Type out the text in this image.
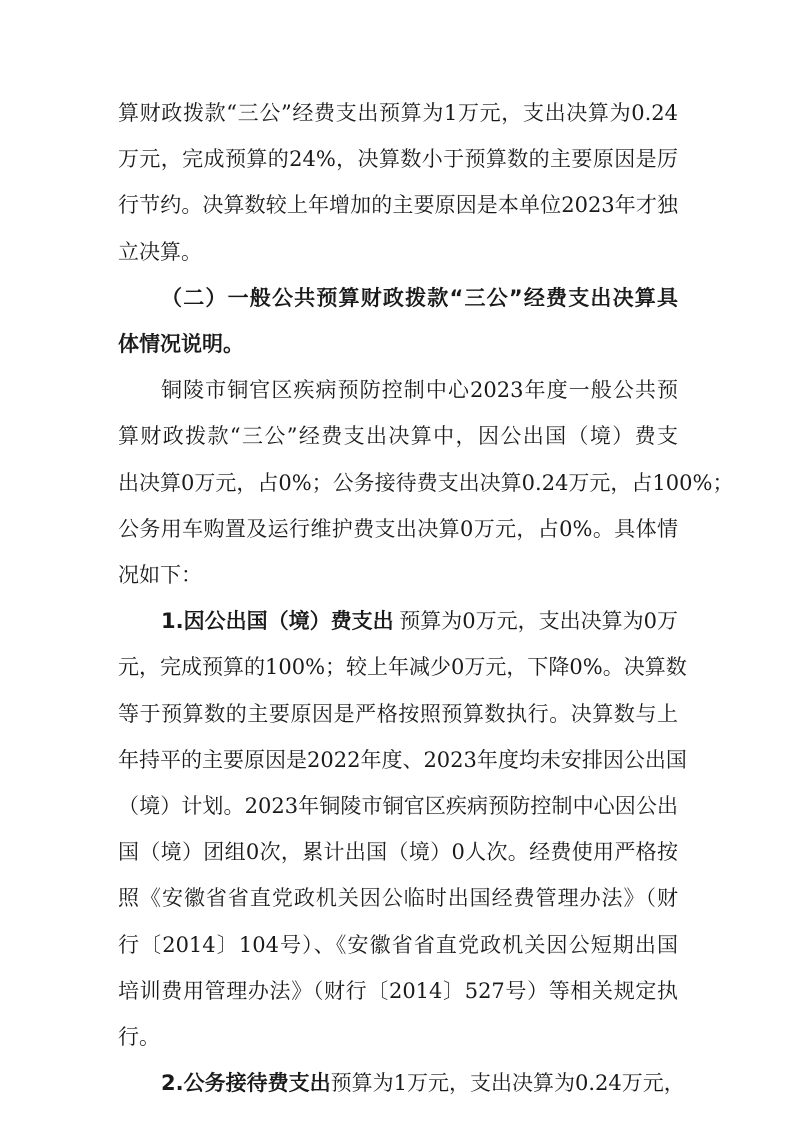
算财政拨款“三公”经费支出预算为1万元，支出决算为0.24
万元，完成预算的24%，决算数小于预算数的主要原因是厉
行节约。决算数较上年增加的主要原因是本单位2023年才独
立决算。
（二）一般公共预算财政拨款“三公”经费支出决算具
体情况说明。
铜陵市铜官区疾病预防控制中心2023年度一般公共预
算财政拨款“三公”经费支出决算中，因公出国（境）费支
出决算0万元，占0%；公务接待费支出决算0.24万元，占100%；
公务用车购置及运行维护费支出决算0万元，占0%。具体情
况如下：
1.因公出国（境）费支出 预算为0万元，支出决算为0万
元，完成预算的100%；较上年减少0万元，下降0%。决算数
等于预算数的主要原因是严格按照预算数执行。决算数与上
年持平的主要原因是2022年度、2023年度均未安排因公出国
（境）计划。2023年铜陵市铜官区疾病预防控制中心因公出
国（境）团组0次，累计出国（境）0人次。经费使用严格按
照《安徽省省直党政机关因公临时出国经费管理办法》（财
行〔2014〕104号）、《安徽省省直党政机关因公短期出国
培训费用管理办法》（财行〔2014〕527号）等相关规定执
行。
2.公务接待费支出 预算为1万元，支出决算为0.24万元，
